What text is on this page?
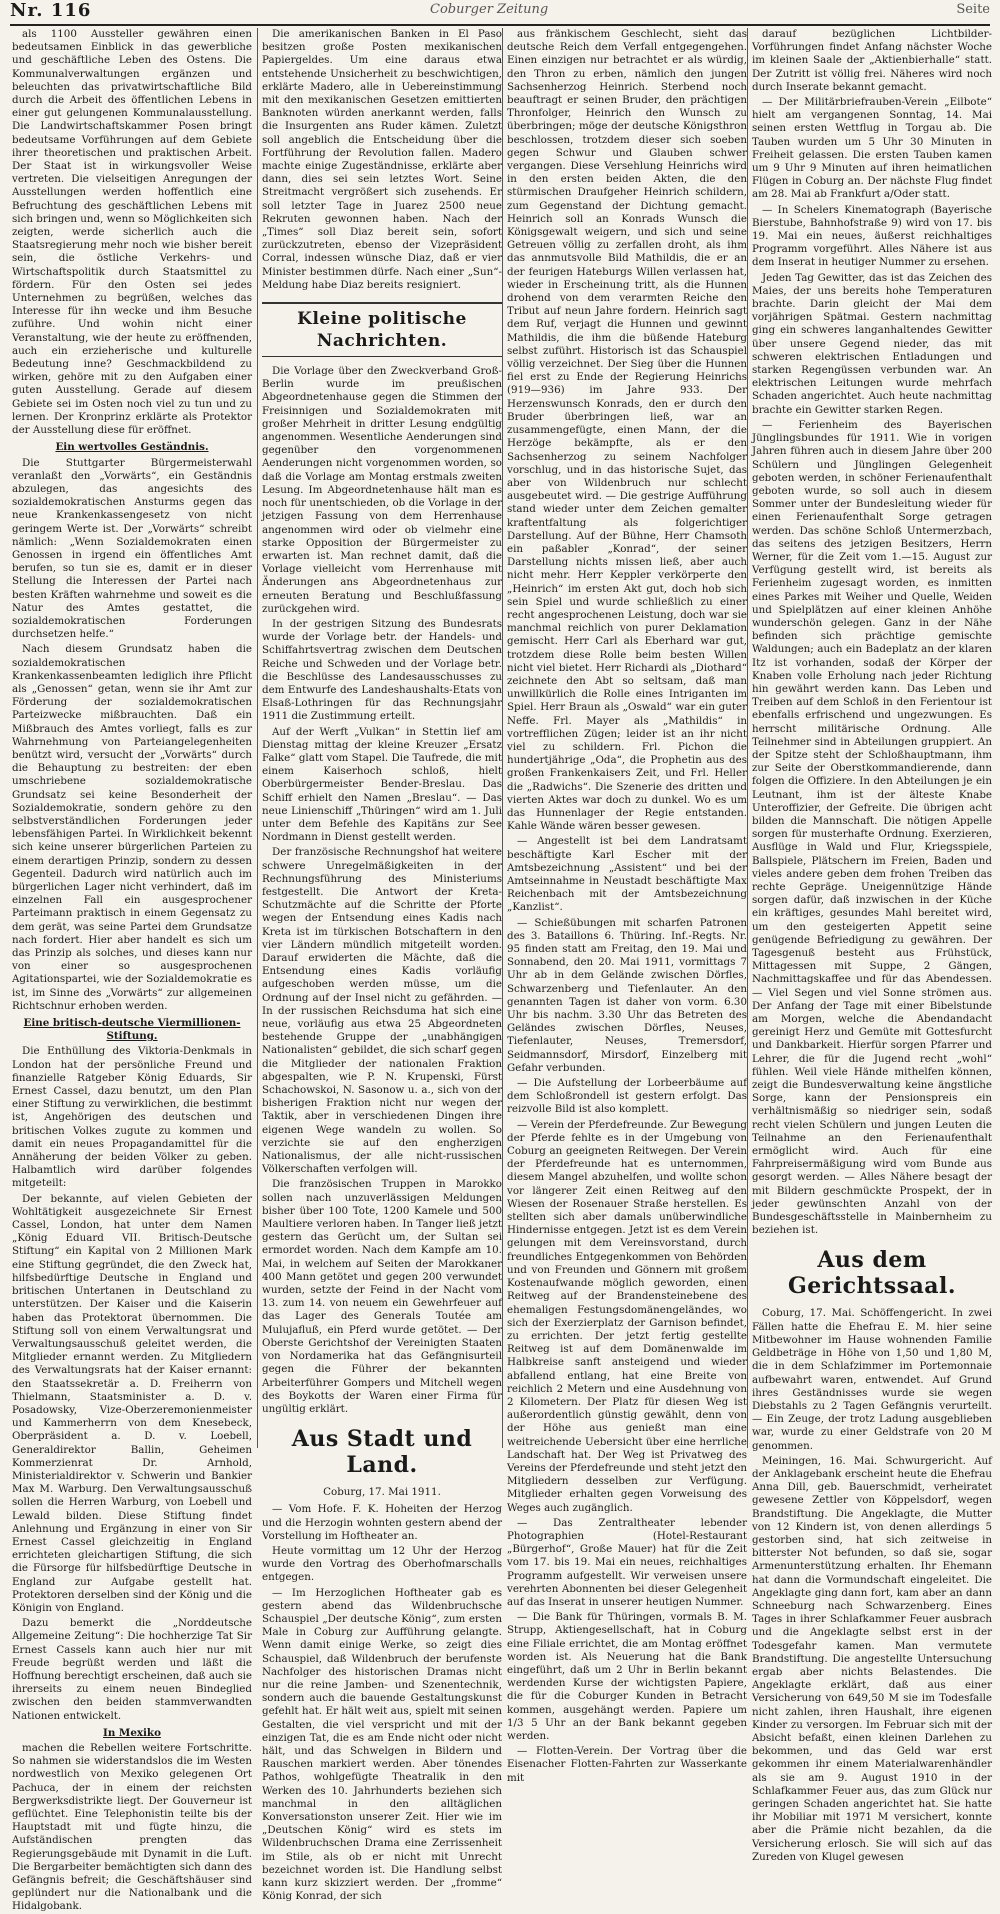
Nr. 116	Coburger Zeitung	Seite

als 1100 Aussteller gewähren einen bedeutsamen Einblick in das gewerbliche und geschäftliche Leben des Ostens. Die Kommunalverwaltungen ergänzen und beleuchten das privatwirtschaftliche Bild durch die Arbeit des öffentlichen Lebens in einer gut gelungenen Kommunalausstellung. Die Landwirtschaftskammer Posen bringt bedeutsame Vorführungen auf dem Gebiete ihrer theoretischen und praktischen Arbeit. Der Staat ist in wirkungsvoller Weise vertreten. Die vielseitigen Anregungen der Ausstellungen werden hoffentlich eine Befruchtung des geschäftlichen Lebens mit sich bringen und, wenn so Möglichkeiten sich zeigten, werde sicherlich auch die Staatsregierung mehr noch wie bisher bereit sein, die östliche Verkehrs- und Wirtschaftspolitik durch Staatsmittel zu fördern. Für den Osten sei jedes Unternehmen zu begrüßen, welches das Interesse für ihn wecke und ihm Besuche zuführe. Und wohin nicht einer Veranstaltung, wie der heute zu eröffnenden, auch ein erzieherische und kulturelle Bedeutung inne? Geschmackbildend zu wirken, gehöre mit zu den Aufgaben einer guten Ausstellung. Gerade auf diesem Gebiete sei im Osten noch viel zu tun und zu lernen. Der Kronprinz erklärte als Protektor der Ausstellung diese für eröffnet.

Ein wertvolles Geständnis.

Die Stuttgarter Bürgermeisterwahl veranlaßt den „Vorwärts“, ein Geständnis abzulegen, das angesichts des sozialdemokratischen Ansturms gegen das neue Krankenkassengesetz von nicht geringem Werte ist. Der „Vorwärts“ schreibt nämlich: „Wenn Sozialdemokraten einen Genossen in irgend ein öffentliches Amt berufen, so tun sie es, damit er in dieser Stellung die Interessen der Partei nach besten Kräften wahrnehme und soweit es die Natur des Amtes gestattet, die sozialdemokratischen Forderungen durchsetzen helfe.“

Nach diesem Grundsatz haben die sozialdemokratischen Krankenkassenbeamten lediglich ihre Pflicht als „Genossen“ getan, wenn sie ihr Amt zur Förderung der sozialdemokratischen Parteizwecke mißbrauchten. Daß ein Mißbrauch des Amtes vorliegt, falls es zur Wahrnehmung von Parteiangelegenheiten benützt wird, versucht der „Vorwärts“ durch die Behauptung zu bestreiten: der eben umschriebene sozialdemokratische Grundsatz sei keine Besonderheit der Sozialdemokratie, sondern gehöre zu den selbstverständlichen Forderungen jeder lebensfähigen Partei. In Wirklichkeit bekennt sich keine unserer bürgerlichen Parteien zu einem derartigen Prinzip, sondern zu dessen Gegenteil. Dadurch wird natürlich auch im bürgerlichen Lager nicht verhindert, daß im einzelnen Fall ein ausgesprochener Parteimann praktisch in einem Gegensatz zu dem gerät, was seine Partei dem Grundsatze nach fordert. Hier aber handelt es sich um das Prinzip als solches, und dieses kann nur von einer so ausgesprochenen Agitationspartei, wie der Sozialdemokratie es ist, im Sinne des „Vorwärts“ zur allgemeinen Richtschnur erhoben werden.

Eine britisch-deutsche Viermillionen-Stiftung.

Die Enthüllung des Viktoria-Denkmals in London hat der persönliche Freund und finanzielle Ratgeber König Eduards, Sir Ernest Cassel, dazu benutzt, um den Plan einer Stiftung zu verwirklichen, die bestimmt ist, Angehörigen des deutschen und britischen Volkes zugute zu kommen und damit ein neues Propagandamittel für die Annäherung der beiden Völker zu geben. Halbamtlich wird darüber folgendes mitgeteilt:

Der bekannte, auf vielen Gebieten der Wohltätigkeit ausgezeichnete Sir Ernest Cassel, London, hat unter dem Namen „König Eduard VII. Britisch-Deutsche Stiftung“ ein Kapital von 2 Millionen Mark eine Stiftung gegründet, die den Zweck hat, hilfsbedürftige Deutsche in England und britischen Untertanen in Deutschland zu unterstützen. Der Kaiser und die Kaiserin haben das Protektorat übernommen. Die Stiftung soll von einem Verwaltungsrat und Verwaltungsausschuß geleitet werden, die Mitglieder ernannt werden. Zu Mitgliedern des Verwaltungsrats hat der Kaiser ernannt: den Staatssekretär a. D. Freiherrn von Thielmann, Staatsminister a. D. v. Posadowsky, Vize-Oberzeremonienmeister und Kammerherrn von dem Knesebeck, Oberpräsident a. D. v. Loebell, Generaldirektor Ballin, Geheimen Kommerzienrat Dr. Arnhold, Ministerialdirektor v. Schwerin und Bankier Max M. Warburg. Den Verwaltungsausschuß sollen die Herren Warburg, von Loebell und Lewald bilden. Diese Stiftung findet Anlehnung und Ergänzung in einer von Sir Ernest Cassel gleichzeitig in England errichteten gleichartigen Stiftung, die sich die Fürsorge für hilfsbedürftige Deutsche in England zur Aufgabe gestellt hat. Protektoren derselben sind der König und die Königin von England.

Dazu bemerkt die „Norddeutsche Allgemeine Zeitung“: Die hochherzige Tat Sir Ernest Cassels kann auch hier nur mit Freude begrüßt werden und läßt die Hoffnung berechtigt erscheinen, daß auch sie ihrerseits zu einem neuen Bindeglied zwischen den beiden stammverwandten Nationen entwickelt.

In Mexiko

machen die Rebellen weitere Fortschritte. So nahmen sie widerstandslos die im Westen nordwestlich von Mexiko gelegenen Ort Pachuca, der in einem der reichsten Bergwerksdistrikte liegt. Der Gouverneur ist geflüchtet. Eine Telephonistin teilte bis der Hauptstadt mit und fügte hinzu, die Aufständischen prengten das Regierungsgebäude mit Dynamit in die Luft. Die Bergarbeiter bemächtigten sich dann des Gefängnis befreit; die Geschäftshäuser sind geplündert nur die Nationalbank und die Hidalgobank.

Die amerikanischen Banken in El Paso besitzen große Posten mexikanischen Papiergeldes. Um eine daraus etwa entstehende Unsicherheit zu beschwichtigen, erklärte Madero, alle in Uebereinstimmung mit den mexikanischen Gesetzen emittierten Banknoten würden anerkannt werden, falls die Insurgenten ans Ruder kämen. Zuletzt soll angeblich die Entscheidung über die Fortführung der Revolution fallen. Madero machte einige Zugeständnisse, erklärte aber dann, dies sei sein letztes Wort. Seine Streitmacht vergrößert sich zusehends. Er soll letzter Tage in Juarez 2500 neue Rekruten gewonnen haben. Nach der „Times“ soll Diaz bereit sein, sofort zurückzutreten, ebenso der Vizepräsident Corral, indessen wünsche Diaz, daß er vier Minister bestimmen dürfe. Nach einer „Sun“-Meldung habe Diaz bereits resigniert.

Kleine politische Nachrichten.

Die Vorlage über den Zweckverband Groß-Berlin wurde im preußischen Abgeordnetenhause gegen die Stimmen der Freisinnigen und Sozialdemokraten mit großer Mehrheit in dritter Lesung endgültig angenommen. Wesentliche Aenderungen sind gegenüber den vorgenommenen Aenderungen nicht vorgenommen worden, so daß die Vorlage am Montag erstmals zweiten Lesung. Im Abgeordnetenhause hält man es noch für unentschieden, ob die Vorlage in der jetzigen Fassung von dem Herrenhause angenommen wird oder ob vielmehr eine starke Opposition der Bürgermeister zu erwarten ist. Man rechnet damit, daß die Vorlage vielleicht vom Herrenhause mit Änderungen ans Abgeordnetenhaus zur erneuten Beratung und Beschlußfassung zurückgehen wird.

In der gestrigen Sitzung des Bundesrats wurde der Vorlage betr. der Handels- und Schiffahrtsvertrag zwischen dem Deutschen Reiche und Schweden und der Vorlage betr. die Beschlüsse des Landesausschusses zu dem Entwurfe des Landeshaushalts-Etats von Elsaß-Lothringen für das Rechnungsjahr 1911 die Zustimmung erteilt.

Auf der Werft „Vulkan“ in Stettin lief am Dienstag mittag der kleine Kreuzer „Ersatz Falke“ glatt vom Stapel. Die Taufrede, die mit einem Kaiserhoch schloß, hielt Oberbürgermeister Bender-Breslau. Das Schiff erhielt den Namen „Breslau“. — Das neue Linienschiff „Thüringen“ wird am 1. Juli unter dem Befehle des Kapitäns zur See Nordmann in Dienst gestellt werden.

Der französische Rechnungshof hat weitere schwere Unregelmäßigkeiten in der Rechnungsführung des Ministeriums festgestellt. Die Antwort der Kreta-Schutzmächte auf die Schritte der Pforte wegen der Entsendung eines Kadis nach Kreta ist im türkischen Botschaftern in den vier Ländern mündlich mitgeteilt worden. Darauf erwiderten die Mächte, daß die Entsendung eines Kadis vorläufig aufgeschoben werden müsse, um die Ordnung auf der Insel nicht zu gefährden. — In der russischen Reichsduma hat sich eine neue, vorläufig aus etwa 25 Abgeordneten bestehende Gruppe der „unabhängigen Nationalisten“ gebildet, die sich scharf gegen die Mitglieder der nationalen Fraktion abgespalten, wie P. N. Krupenski, Fürst Schachowskoi, N. Sasonow u. a., sich von der bisherigen Fraktion nicht nur wegen der Taktik, aber in verschiedenen Dingen ihre eigenen Wege wandeln zu wollen. So verzichte sie auf den engherzigen Nationalismus, der alle nicht-russischen Völkerschaften verfolgen will.

Die französischen Truppen in Marokko sollen nach unzuverlässigen Meldungen bisher über 100 Tote, 1200 Kamele und 500 Maultiere verloren haben. In Tanger ließ jetzt gestern das Gerücht um, der Sultan sei ermordet worden. Nach dem Kampfe am 10. Mai, in welchem auf Seiten der Marokkaner 400 Mann getötet und gegen 200 verwundet wurden, setzte der Feind in der Nacht vom 13. zum 14. von neuem ein Gewehrfeuer auf das Lager des Generals Toutée am Mulujafluß, ein Pferd wurde getötet. — Der Oberste Gerichtshof der Vereinigten Staaten von Nordamerika hat das Gefängnisurteil gegen die Führer der bekannten Arbeiterführer Gompers und Mitchell wegen des Boykotts der Waren einer Firma für ungültig erklärt.

Aus Stadt und Land.
Coburg, 17. Mai 1911.

— Vom Hofe. F. K. Hoheiten der Herzog und die Herzogin wohnten gestern abend der Vorstellung im Hoftheater an.

Heute vormittag um 12 Uhr der Herzog wurde den Vortrag des Oberhofmarschalls entgegen.

— Im Herzoglichen Hoftheater gab es gestern abend das Wildenbruchsche Schauspiel „Der deutsche König“, zum ersten Male in Coburg zur Aufführung gelangte. Wenn damit einige Werke, so zeigt dies Schauspiel, daß Wildenbruch der berufenste Nachfolger des historischen Dramas nicht nur die reine Jamben- und Szenentechnik, sondern auch die bauende Gestaltungskunst gefehlt hat. Er hält weit aus, spielt mit seinen Gestalten, die viel verspricht und mit der einzigen Tat, die es am Ende nicht oder nicht hält, und das Schwelgen in Bildern und Rauschen markiert werden. Aber tönendes Pathos, wohlgefügte Theatralik in den Werken des 10. Jahrhunderts beziehen sich manchmal in den alltäglichen Konversationston unserer Zeit. Hier wie im „Deutschen König“ wird es stets im Wildenbruchschen Drama eine Zerrissenheit im Stile, als ob er nicht mit Unrecht bezeichnet worden ist. Die Handlung selbst kann kurz skizziert werden. Der „fromme“ König Konrad, der sich

aus fränkischem Geschlecht, sieht das deutsche Reich dem Verfall entgegengehen. Einen einzigen nur betrachtet er als würdig, den Thron zu erben, nämlich den jungen Sachsenherzog Heinrich. Sterbend noch beauftragt er seinen Bruder, den prächtigen Thronfolger, Heinrich den Wunsch zu überbringen; möge der deutsche Königsthron beschlossen, trotzdem dieser sich soeben gegen Schwur und Glauben schwer vergangen. Diese Versehlung Heinrichs wird in den ersten beiden Akten, die den stürmischen Draufgeher Heinrich schildern, zum Gegenstand der Dichtung gemacht. Heinrich soll an Konrads Wunsch die Königsgewalt weigern, und sich und seine Getreuen völlig zu zerfallen droht, als ihm das annmutsvolle Bild Mathildis, die er an der feurigen Hateburgs Willen verlassen hat, wieder in Erscheinung tritt, als die Hunnen drohend von dem verarmten Reiche den Tribut auf neun Jahre fordern. Heinrich sagt dem Ruf, verjagt die Hunnen und gewinnt Mathildis, die ihm die büßende Hateburg selbst zuführt. Historisch ist das Schauspiel völlig verzeichnet. Der Sieg über die Hunnen fiel erst zu Ende der Regierung Heinrichs (919—936) im Jahre 933. Der Herzenswunsch Konrads, den er durch den Bruder überbringen ließ, war an zusammengefügte, einen Mann, der die Herzöge bekämpfte, als er den Sachsenherzog zu seinem Nachfolger vorschlug, und in das historische Sujet, das aber von Wildenbruch nur schlecht ausgebeutet wird. — Die gestrige Aufführung stand wieder unter dem Zeichen gemalter kraftentfaltung als folgerichtiger Darstellung. Auf der Bühne, Herr Chamsoth ein paßabler „Konrad“, der seiner Darstellung nichts missen ließ, aber auch nicht mehr. Herr Keppler verkörperte den „Heinrich“ im ersten Akt gut, doch hob sich sein Spiel und wurde schließlich zu einer recht angesprochenen Leistung, doch war sie manchmal reichlich von purer Deklamation gemischt. Herr Carl als Eberhard war gut, trotzdem diese Rolle beim besten Willen nicht viel bietet. Herr Richardi als „Diothard“ zeichnete den Abt so seltsam, daß man unwillkürlich die Rolle eines Intriganten im Spiel. Herr Braun als „Oswald“ war ein guter Neffe. Frl. Mayer als „Mathildis“ in vortrefflichen Zügen; leider ist an ihr nicht viel zu schildern. Frl. Pichon die hundertjährige „Oda“, die Prophetin aus des großen Frankenkaisers Zeit, und Frl. Heller die „Radwichs“. Die Szenerie des dritten und vierten Aktes war doch zu dunkel. Wo es um das Hunnenlager der Regie entstanden. Kahle Wände wären besser gewesen.

— Angestellt ist bei dem Landratsamt beschäftigte Karl Escher mit der Amtsbezeichnung „Assistent“ und bei der Amtseinnahme in Neustadt beschäftigte Max Reichenbach mit der Amtsbezeichnung „Kanzlist“.

— Schießübungen mit scharfen Patronen des 3. Bataillons 6. Thüring. Inf.-Regts. Nr. 95 finden statt am Freitag, den 19. Mai und Sonnabend, den 20. Mai 1911, vormittags 7 Uhr ab in dem Gelände zwischen Dörfles, Schwarzenberg und Tiefenlauter. An den genannten Tagen ist daher von vorm. 6.30 Uhr bis nachm. 3.30 Uhr das Betreten des Geländes zwischen Dörfles, Neuses, Tiefenlauter, Neuses, Tremersdorf, Seidmannsdorf, Mirsdorf, Einzelberg mit Gefahr verbunden.

— Die Aufstellung der Lorbeerbäume auf dem Schloßrondell ist gestern erfolgt. Das reizvolle Bild ist also komplett.

— Verein der Pferdefreunde. Zur Bewegung der Pferde fehlte es in der Umgebung von Coburg an geeigneten Reitwegen. Der Verein der Pferdefreunde hat es unternommen, diesem Mangel abzuhelfen, und wollte schon vor längerer Zeit einen Reitweg auf den Wiesen der Rosenauer Straße herstellen. Es stellten sich aber damals unüberwindliche Hindernisse entgegen. Jetzt ist es dem Verein gelungen mit dem Vereinsvorstand, durch freundliches Entgegenkommen von Behörden und von Freunden und Gönnern mit großem Kostenaufwande möglich geworden, einen Reitweg auf der Brandensteinebene des ehemaligen Festungsdomänengeländes, wo sich der Exerzierplatz der Garnison befindet, zu errichten. Der jetzt fertig gestellte Reitweg ist auf dem Domänenwalde im Halbkreise sanft ansteigend und wieder abfallend entlang, hat eine Breite von reichlich 2 Metern und eine Ausdehnung von 2 Kilometern. Der Platz für diesen Weg ist außerordentlich günstig gewählt, denn von der Höhe aus genießt man eine weitreichende Uebersicht über eine herrliche Landschaft hat. Der Weg ist Privatweg des Vereins der Pferdefreunde und steht jetzt den Mitgliedern desselben zur Verfügung. Mitglieder erhalten gegen Vorweisung des Weges auch zugänglich.

— Das Zentraltheater lebender Photographien (Hotel-Restaurant „Bürgerhof“, Große Mauer) hat für die Zeit vom 17. bis 19. Mai ein neues, reichhaltiges Programm aufgestellt. Wir verweisen unsere verehrten Abonnenten bei dieser Gelegenheit auf das Inserat in unserer heutigen Nummer.

— Die Bank für Thüringen, vormals B. M. Strupp, Aktiengesellschaft, hat in Coburg eine Filiale errichtet, die am Montag eröffnet worden ist. Als Neuerung hat die Bank eingeführt, daß um 2 Uhr in Berlin bekannt werdenden Kurse der wichtigsten Papiere, die für die Coburger Kunden in Betracht kommen, ausgehängt werden. Papiere um 1/3 5 Uhr an der Bank bekannt gegeben werden.

— Flotten-Verein. Der Vortrag über die Eisenacher Flotten-Fahrten zur Wasserkante mit

darauf bezüglichen Lichtbilder-Vorführungen findet Anfang nächster Woche im kleinen Saale der „Aktienbierhalle“ statt. Der Zutritt ist völlig frei. Näheres wird noch durch Inserate bekannt gemacht.

— Der Militärbriefrauben-Verein „Eilbote“ hielt am vergangenen Sonntag, 14. Mai seinen ersten Wettflug in Torgau ab. Die Tauben wurden um 5 Uhr 30 Minuten in Freiheit gelassen. Die ersten Tauben kamen um 9 Uhr 9 Minuten auf ihren heimatlichen Flügen in Coburg an. Der nächste Flug findet am 28. Mai ab Frankfurt a/Oder statt.

— In Schelers Kinematograph (Bayerische Bierstube, Bahnhofstraße 9) wird von 17. bis 19. Mai ein neues, äußerst reichhaltiges Programm vorgeführt. Alles Nähere ist aus dem Inserat in heutiger Nummer zu ersehen.

Jeden Tag Gewitter, das ist das Zeichen des Maies, der uns bereits hohe Temperaturen brachte. Darin gleicht der Mai dem vorjährigen Spätmai. Gestern nachmittag ging ein schweres langanhaltendes Gewitter über unsere Gegend nieder, das mit schweren elektrischen Entladungen und starken Regengüssen verbunden war. An elektrischen Leitungen wurde mehrfach Schaden angerichtet. Auch heute nachmittag brachte ein Gewitter starken Regen.

— Ferienheim des Bayerischen Jünglingsbundes für 1911. Wie in vorigen Jahren führen auch in diesem Jahre über 200 Schülern und Jünglingen Gelegenheit geboten werden, in schöner Ferienaufenthalt geboten wurde, so soll auch in diesem Sommer unter der Bundesleitung wieder für einen Ferienaufenthalt Sorge getragen werden. Das schöne Schloß Untermerzbach, das seitens des jetzigen Besitzers, Herrn Werner, für die Zeit vom 1.—15. August zur Verfügung gestellt wird, ist bereits als Ferienheim zugesagt worden, es inmitten eines Parkes mit Weiher und Quelle, Weiden und Spielplätzen auf einer kleinen Anhöhe wunderschön gelegen. Ganz in der Nähe befinden sich prächtige gemischte Waldungen; auch ein Badeplatz an der klaren Itz ist vorhanden, sodaß der Körper der Knaben volle Erholung nach jeder Richtung hin gewährt werden kann. Das Leben und Treiben auf dem Schloß in den Ferientour ist ebenfalls erfrischend und ungezwungen. Es herrscht militärische Ordnung. Alle Teilnehmer sind in Abteilungen gruppiert. An der Spitze steht der Schloßhauptmann, ihm zur Seite der Oberstkommandierende, dann folgen die Offiziere. In den Abteilungen je ein Leutnant, ihm ist der älteste Knabe Unteroffizier, der Gefreite. Die übrigen acht bilden die Mannschaft. Die nötigen Appelle sorgen für musterhafte Ordnung. Exerzieren, Ausflüge in Wald und Flur, Kriegsspiele, Ballspiele, Plätschern im Freien, Baden und vieles andere geben dem frohen Treiben das rechte Gepräge. Uneigennützige Hände sorgen dafür, daß inzwischen in der Küche ein kräftiges, gesundes Mahl bereitet wird, um den gesteigerten Appetit seine genügende Befriedigung zu gewähren. Der Tagesgenuß besteht aus Frühstück, Mittagessen mit Suppe, 2 Gängen, Nachmittagskaffee und für das Abendessen. — Viel Segen und viel Sonne strömen aus. Der Anfang der Tage mit einer Bibelstunde am Morgen, welche die Abendandacht gereinigt Herz und Gemüte mit Gottesfurcht und Dankbarkeit. Hierfür sorgen Pfarrer und Lehrer, die für die Jugend recht „wohl“ fühlen. Weil viele Hände mithelfen können, zeigt die Bundesverwaltung keine ängstliche Sorge, kann der Pensionspreis ein verhältnismäßig so niedriger sein, sodaß recht vielen Schülern und jungen Leuten die Teilnahme an den Ferienaufenthalt ermöglicht wird. Auch für eine Fahrpreisermäßigung wird vom Bunde aus gesorgt werden. — Alles Nähere besagt der mit Bildern geschmückte Prospekt, der in jeder gewünschten Anzahl von der Bundesgeschäftsstelle in Mainbernheim zu beziehen ist.

Aus dem Gerichtssaal.

Coburg, 17. Mai. Schöffengericht. In zwei Fällen hatte die Ehefrau E. M. hier seine Mitbewohner im Hause wohnenden Familie Geldbeträge in Höhe von 1,50 und 1,80 M, die in dem Schlafzimmer im Portemonnaie aufbewahrt waren, entwendet. Auf Grund ihres Geständnisses wurde sie wegen Diebstahls zu 2 Tagen Gefängnis verurteilt. — Ein Zeuge, der trotz Ladung ausgeblieben war, wurde zu einer Geldstrafe von 20 M genommen.

Meiningen, 16. Mai. Schwurgericht. Auf der Anklagebank erscheint heute die Ehefrau Anna Dill, geb. Bauerschmidt, verheiratet gewesene Zettler von Köppelsdorf, wegen Brandstiftung. Die Angeklagte, die Mutter von 12 Kindern ist, von denen allerdings 5 gestorben sind, hat sich zeitweise in bitterster Not befunden, so daß sie, sogar Armenunterstützung erhalten. Ihr Ehemann hat dann die Vormundschaft eingeleitet. Die Angeklagte ging dann fort, kam aber an dann Schneeburg nach Schwarzenberg. Eines Tages in ihrer Schlafkammer Feuer ausbrach und die Angeklagte selbst erst in der Todesgefahr kamen. Man vermutete Brandstiftung. Die angestellte Untersuchung ergab aber nichts Belastendes. Die Angeklagte erklärt, daß aus einer Versicherung von 649,50 M sie im Todesfalle nicht zahlen, ihren Haushalt, ihre eigenen Kinder zu versorgen. Im Februar sich mit der Absicht befaßt, einen kleinen Darlehen zu bekommen, und das Geld war erst gekommen ihr einem Materialwarenhändler als sie am 9. August 1910 in der Schlafkammer Feuer aus, das zum Glück nur geringen Schaden angerichtet hat. Sie hatte ihr Mobiliar mit 1971 M versichert, konnte aber die Prämie nicht bezahlen, da die Versicherung erlosch. Sie will sich auf das Zureden von Klugel gewesen
